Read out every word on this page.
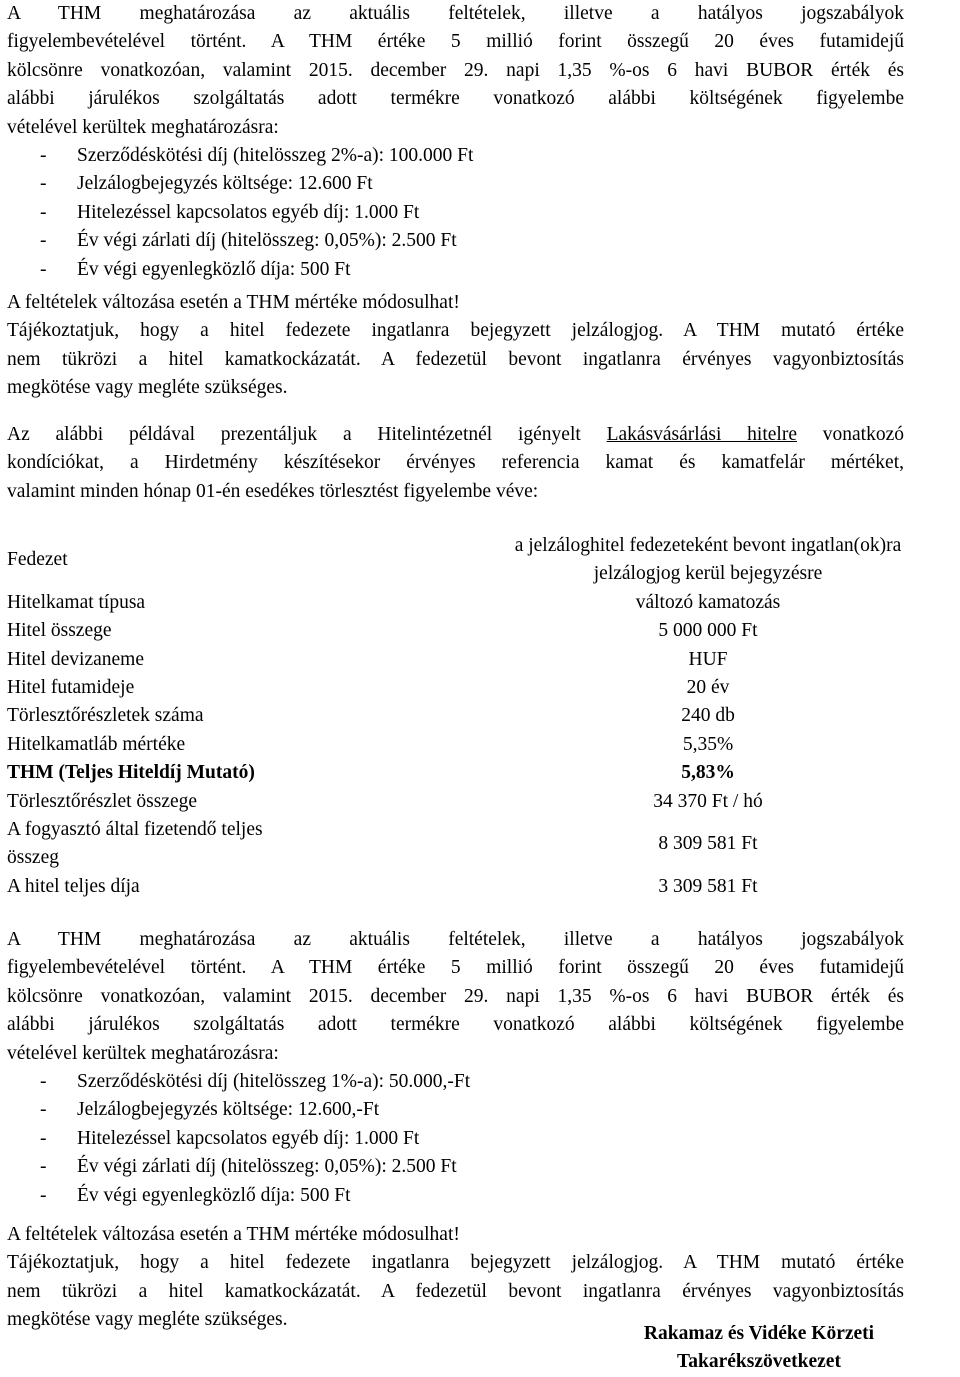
A THM meghatározása az aktuális feltételek, illetve a hatályos jogszabályok

figyelembevételével történt. A THM értéke 5 millió forint összegű 20 éves futamidejű

kölcsönre vonatkozóan, valamint 2015. december 29. napi 1,35 %-os 6 havi BUBOR érték és

alábbi járulékos szolgáltatás adott termékre vonatkozó alábbi költségének figyelembe

vételével kerültek meghatározásra:

- Szerződéskötési díj (hitelösszeg 2%-a): 100.000 Ft
- Jelzálogbejegyzés költsége: 12.600 Ft
- Hitelezéssel kapcsolatos egyéb díj: 1.000 Ft
- Év végi zárlati díj (hitelösszeg: 0,05%): 2.500 Ft
- Év végi egyenlegközlő díja: 500 Ft

A feltételek változása esetén a THM mértéke módosulhat!

Tájékoztatjuk, hogy a hitel fedezete ingatlanra bejegyzett jelzálogjog. A THM mutató értéke

nem tükrözi a hitel kamatkockázatát. A fedezetül bevont ingatlanra érvényes vagyonbiztosítás

megkötése vagy megléte szükséges.

Az alábbi példával prezentáljuk a Hitelintézetnél igényelt Lakásvásárlási hitelre vonatkozó

kondíciókat, a Hirdetmény készítésekor érvényes referencia kamat és kamatfelár mértéket,

valamint minden hónap 01-én esedékes törlesztést figyelembe véve:

Fedezet	a jelzáloghitel fedezeteként bevont ingatlan(ok)ra
jelzálogjog kerül bejegyzésre

Hitelkamat típusa	változó kamatozás
Hitel összege	5 000 000 Ft
Hitel devizaneme	HUF
Hitel futamideje	20 év
Törlesztőrészletek száma	240 db
Hitelkamatláb mértéke	5,35%
THM (Teljes Hiteldíj Mutató)	5,83%
Törlesztőrészlet összege	34 370 Ft / hó

A fogyasztó által fizetendő teljes
összeg	8 309 581 Ft
A hitel teljes díja	3 309 581 Ft

A THM meghatározása az aktuális feltételek, illetve a hatályos jogszabályok

figyelembevételével történt. A THM értéke 5 millió forint összegű 20 éves futamidejű

kölcsönre vonatkozóan, valamint 2015. december 29. napi 1,35 %-os 6 havi BUBOR érték és

alábbi járulékos szolgáltatás adott termékre vonatkozó alábbi költségének figyelembe

vételével kerültek meghatározásra:

- Szerződéskötési díj (hitelösszeg 1%-a): 50.000,-Ft
- Jelzálogbejegyzés költsége: 12.600,-Ft
- Hitelezéssel kapcsolatos egyéb díj: 1.000 Ft
- Év végi zárlati díj (hitelösszeg: 0,05%): 2.500 Ft
- Év végi egyenlegközlő díja: 500 Ft

A feltételek változása esetén a THM mértéke módosulhat!

Tájékoztatjuk, hogy a hitel fedezete ingatlanra bejegyzett jelzálogjog. A THM mutató értéke

nem tükrözi a hitel kamatkockázatát. A fedezetül bevont ingatlanra érvényes vagyonbiztosítás

megkötése vagy megléte szükséges.

Rakamaz és Vidéke Körzeti
Takarékszövetkezet
